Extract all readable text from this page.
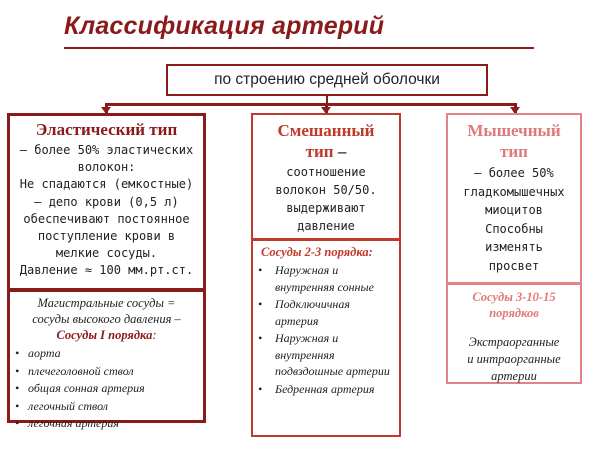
Классификация артерий
по строению средней оболочки
Эластический тип
– более 50% эластических
волокон:
Не спадаются (емкостные)
– депо крови (0,5 л)
обеспечивают постоянное
поступление крови в
мелкие сосуды.
Давление ≈ 100 мм.рт.ст.
Магистральные сосуды =
сосуды высокого давления –
Сосуды I порядка:
• аорта
• плечеголовной ствол
• общая сонная артерия
• легочный ствол
• легочная артерия
Смешанный
тип –
соотношение
волокон 50/50.
выдерживают
давление
Сосуды 2-3 порядка:
• Наружная и внутренняя сонные
• Подключичная артерия
• Наружная и внутренняя подвздошные артерии
• Бедренная артерия
Мышечный
тип
– более 50%
гладкомышечных
миоцитов
Способны
изменять
просвет
Сосуды 3-10-15
порядков
Экстраорганные
и интраорганные
артерии
